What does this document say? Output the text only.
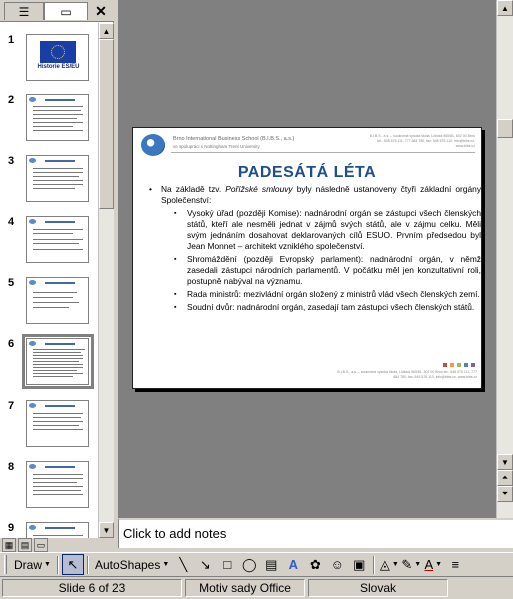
☰	▭ ✕
1
Historie ES/EU
2
3
4
5
6
7
8
9
▲
▼
Brno International Business School (B.I.B.S., a.s.)
ve spolupráci s Nottingham Trent University
B.I.B.S., a.s. – soukromá vysoká škola, Lidická 960/81, 602 00 Brno tel.: 545 576 111, 777 684 780, fax: 545 576 110, info@bibs.cz, www.bibs.cz
PADESÁTÁ LÉTA
• Na základě tzv. Pořížské smlouvy byly následně ustanoveny čtyři základní orgány Společenství:
▪ Vysoký úřad (později Komise): nadnárodní orgán se zástupci všech členských států, kteří ale nesměli jednat v zájmů svých států, ale v zájmu celku. Měli svým jednáním dosahovat deklarovaných cílů ESUO. Prvním předsedou byl Jean Monnet – architekt vzniklého společenství.
▪ Shromáždění (později Evropský parlament): nadnárodní orgán, v němž zasedali zástupci národních parlamentů. V počátku měl jen konzultativní roli, postupně nabýval na významu.
▪ Rada ministrů: mezivládní orgán složený z ministrů vlád všech členských zemí.
▪ Soudní dvůr: nadnárodní orgán, zasedají tam zástupci všech členských států.
B.I.B.S., a.s. – soukromá vysoká škola, Lidická 960/81, 602 00 Brno tel.: 545 576 111, 777 684 780, fax: 545 576 110, info@bibs.cz, www.bibs.cz
▲
▼
⏶
⏷
Click to add notes
▦ ▤ ▭
Draw ▼ ↖ AutoShapes ▼ ╲ ↘ □ ◯ ▤ A ✿ ☺ ▣ ◬ ▼ ✎ ▼ A ▼ ≡
Slide 6 of 23	Motiv sady Office	Slovak
